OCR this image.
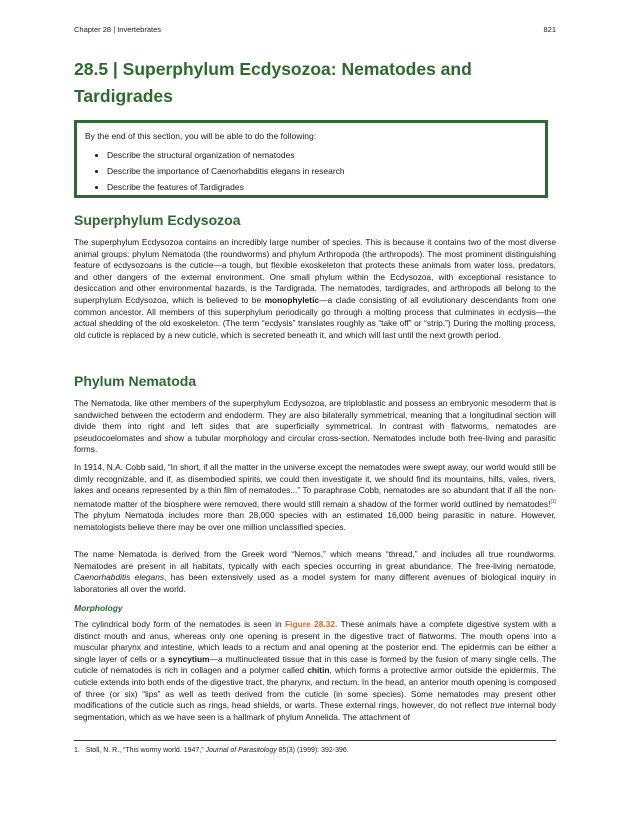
Chapter 28 | Invertebrates	821
28.5 | Superphylum Ecdysozoa: Nematodes and Tardigrades

By the end of this section, you will be able to do the following:

• Describe the structural organization of nematodes
• Describe the importance of Caenorhabditis elegans in research
• Describe the features of Tardigrades
Superphylum Ecdysozoa

The superphylum Ecdysozoa contains an incredibly large number of species. This is because it contains two of the most diverse animal groups: phylum Nematoda (the roundworms) and phylum Arthropoda (the arthropods). The most prominent distinguishing feature of ecdysozoans is the cuticle—a tough, but flexible exoskeleton that protects these animals from water loss, predators, and other dangers of the external environment. One small phylum within the Ecdysozoa, with exceptional resistance to desiccation and other environmental hazards, is the Tardigrada. The nematodes, tardigrades, and arthropods all belong to the superphylum Ecdysozoa, which is believed to be monophyletic—a clade consisting of all evolutionary descendants from one common ancestor. All members of this superphylum periodically go through a molting process that culminates in ecdysis—the actual shedding of the old exoskeleton. (The term “ecdysis” translates roughly as “take off” or “strip.”) During the molting process, old cuticle is replaced by a new cuticle, which is secreted beneath it, and which will last until the next growth period.

Phylum Nematoda

The Nematoda, like other members of the superphylum Ecdysozoa, are triploblastic and possess an embryonic mesoderm that is sandwiched between the ectoderm and endoderm. They are also bilaterally symmetrical, meaning that a longitudinal section will divide them into right and left sides that are superficially symmetrical. In contrast with flatworms, nematodes are pseudocoelomates and show a tubular morphology and circular cross-section. Nematodes include both free-living and parasitic forms.

In 1914, N.A. Cobb said, “In short, if all the matter in the universe except the nematodes were swept away, our world would still be dimly recognizable, and if, as disembodied spirits, we could then investigate it, we should find its mountains, hills, vales, rivers, lakes and oceans represented by a thin film of nematodes...” To paraphrase Cobb, nematodes are so abundant that if all the non-nematode matter of the biosphere were removed, there would still remain a shadow of the former world outlined by nematodes![1] The phylum Nematoda includes more than 28,000 species with an estimated 16,000 being parasitic in nature. However, nematologists believe there may be over one million unclassified species.

The name Nematoda is derived from the Greek word “Nemos,” which means “thread,” and includes all true roundworms. Nematodes are present in all habitats, typically with each species occurring in great abundance. The free-living nematode, Caenorhabditis elegans, has been extensively used as a model system for many different avenues of biological inquiry in laboratories all over the world.

Morphology

The cylindrical body form of the nematodes is seen in Figure 28.32. These animals have a complete digestive system with a distinct mouth and anus, whereas only one opening is present in the digestive tract of flatworms. The mouth opens into a muscular pharynx and intestine, which leads to a rectum and anal opening at the posterior end. The epidermis can be either a single layer of cells or a syncytium—a multinucleated tissue that in this case is formed by the fusion of many single cells. The cuticle of nematodes is rich in collagen and a polymer called chitin, which forms a protective armor outside the epidermis. The cuticle extends into both ends of the digestive tract, the pharynx, and rectum. In the head, an anterior mouth opening is composed of three (or six) “lips” as well as teeth derived from the cuticle (in some species). Some nematodes may present other modifications of the cuticle such as rings, head shields, or warts. These external rings, however, do not reflect true internal body segmentation, which as we have seen is a hallmark of phylum Annelida. The attachment of

1. Stoll, N. R., “This wormy world. 1947,” Journal of Parasitology 85(3) (1999): 392-396.
